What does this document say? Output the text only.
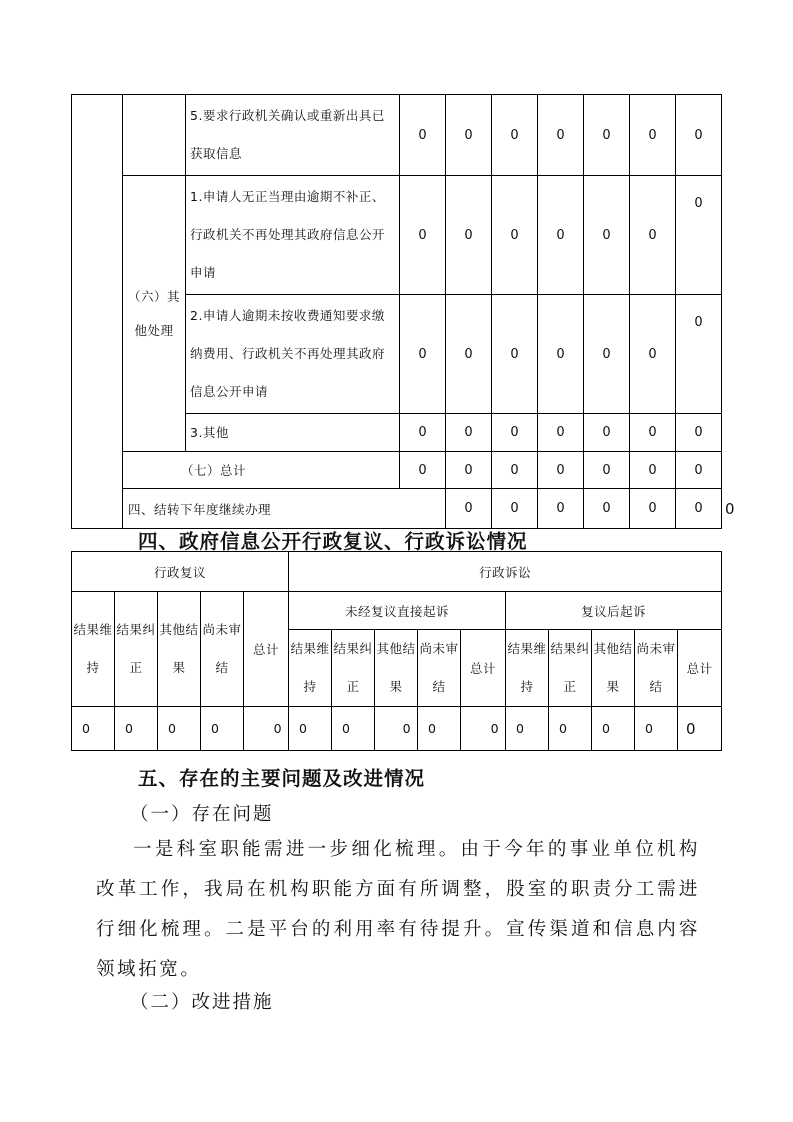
		5.要求行政机关确认或重新出具已获取信息	0	0	0	0	0	0	0	
	（六）其他处理	1.申请人无正当理由逾期不补正、行政机关不再处理其政府信息公开申请	0	0	0	0	0	0	0	
		2.申请人逾期未按收费通知要求缴纳费用、行政机关不再处理其政府信息公开申请	0	0	0	0	0	0	0	
		3.其他	0	0	0	0	0	0	0	
	（七）总计		0	0	0	0	0	0	0	
	四、结转下年度继续办理			0	0	0	0	0	0	0
四、政府信息公开行政复议、行政诉讼情况
行政复议					行政诉讼									
结果维持	结果纠正	其他结果	尚未审结	总计	未经复议直接起诉					复议后起诉				
					结果维持	结果纠正	其他结果	尚未审结	总计	结果维持	结果纠正	其他结果	尚未审结	总计
0	0	0	0	0	0	0	0	0	0	0	0	0	0	0
五、存在的主要问题及改进情况
（一）存在问题
一是科室职能需进一步细化梳理。由于今年的事业单位机构改革工作，我局在机构职能方面有所调整，股室的职责分工需进行细化梳理。二是平台的利用率有待提升。宣传渠道和信息内容领域拓宽。
（二）改进措施
